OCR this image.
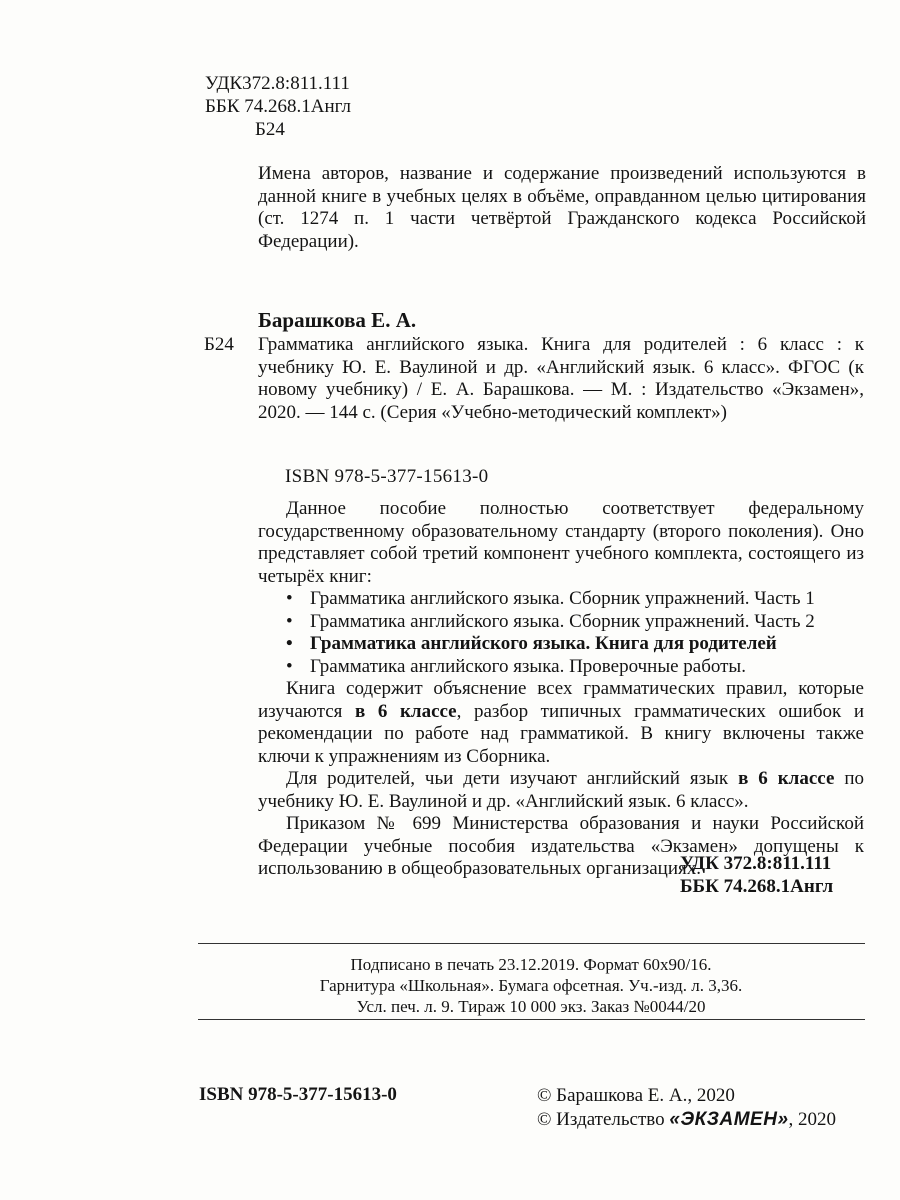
УДК372.8:811.111
ББК 74.268.1Англ
Б24
Имена авторов, название и содержание произведений используются в данной книге в учебных целях в объёме, оправданном целью цитирования (ст. 1274 п. 1 части четвёртой Гражданского кодекса Российской Федерации).
Барашкова Е. А.
Б24 Грамматика английского языка. Книга для родителей : 6 класс : к учебнику Ю. Е. Ваулиной и др. «Английский язык. 6 класс». ФГОС (к новому учебнику) / Е. А. Барашкова. — М. : Издательство «Экзамен», 2020. — 144 с. (Серия «Учебно-методический комплект»)
ISBN 978-5-377-15613-0

Данное пособие полностью соответствует федеральному государственному образовательному стандарту (второго поколения). Оно представляет собой третий компонент учебного комплекта, состоящего из четырёх книг:

• Грамматика английского языка. Сборник упражнений. Часть 1
• Грамматика английского языка. Сборник упражнений. Часть 2
• Грамматика английского языка. Книга для родителей
• Грамматика английского языка. Проверочные работы.

Книга содержит объяснение всех грамматических правил, которые изучаются в 6 классе, разбор типичных грамматических ошибок и рекомендации по работе над грамматикой. В книгу включены также ключи к упражнениям из Сборника.

Для родителей, чьи дети изучают английский язык в 6 классе по учебнику Ю. Е. Ваулиной и др. «Английский язык. 6 класс».

Приказом № 699 Министерства образования и науки Российской Федерации учебные пособия издательства «Экзамен» допущены к использованию в общеобразовательных организациях.

УДК 372.8:811.111
ББК 74.268.1Англ
Подписано в печать 23.12.2019. Формат 60x90/16.
Гарнитура «Школьная». Бумага офсетная. Уч.-изд. л. 3,36.
Усл. печ. л. 9. Тираж 10 000 экз. Заказ №0044/20
ISBN 978-5-377-15613-0	© Барашкова Е. А., 2020
© Издательство «ЭКЗАМЕН», 2020
